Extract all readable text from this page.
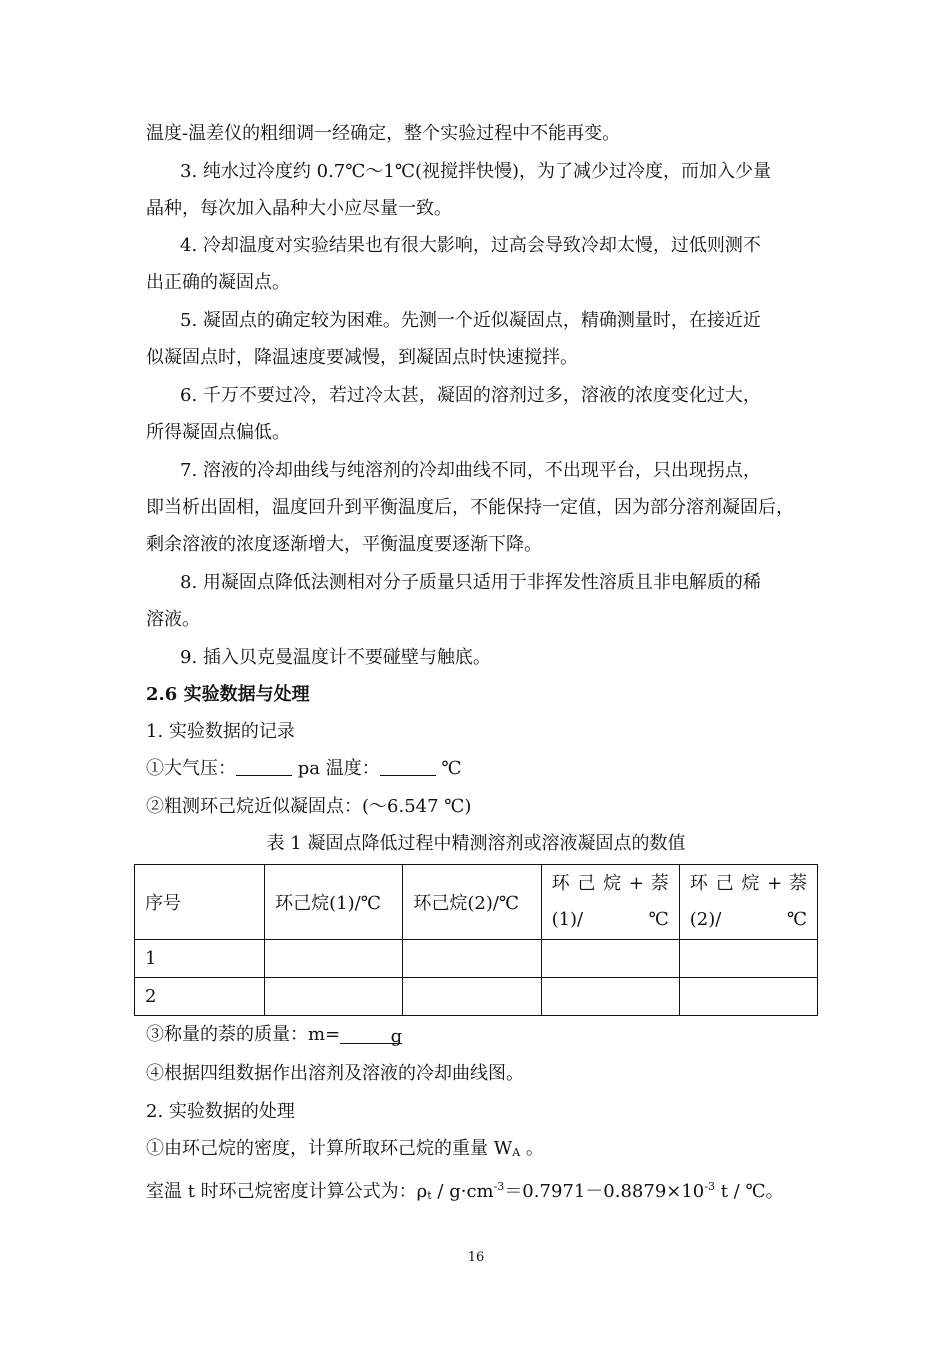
温度-温差仪的粗细调一经确定，整个实验过程中不能再变。
3. 纯水过冷度约 0.7℃～1℃(视搅拌快慢)，为了减少过冷度，而加入少量
晶种，每次加入晶种大小应尽量一致。
4. 冷却温度对实验结果也有很大影响，过高会导致冷却太慢，过低则测不
出正确的凝固点。
5. 凝固点的确定较为困难。先测一个近似凝固点，精确测量时，在接近近
似凝固点时，降温速度要减慢，到凝固点时快速搅拌。
6. 千万不要过冷，若过冷太甚，凝固的溶剂过多，溶液的浓度变化过大，
所得凝固点偏低。
7. 溶液的冷却曲线与纯溶剂的冷却曲线不同，不出现平台，只出现拐点，
即当析出固相，温度回升到平衡温度后，不能保持一定值，因为部分溶剂凝固后，
剩余溶液的浓度逐渐增大，平衡温度要逐渐下降。
8. 用凝固点降低法测相对分子质量只适用于非挥发性溶质且非电解质的稀
溶液。
9. 插入贝克曼温度计不要碰壁与触底。
2.6 实验数据与处理
1. 实验数据的记录
①大气压：	pa 温度：	℃
②粗测环己烷近似凝固点：(～6.547 ℃)
表 1 凝固点降低过程中精测溶剂或溶液凝固点的数值
序号	环己烷(1)/℃	环己烷(2)/℃	环 己 烷 + 萘 (1)/℃	环 己 烷 + 萘 (2)/℃
1				
2				
③称量的萘的质量：m=	g
④根据四组数据作出溶剂及溶液的冷却曲线图。
2. 实验数据的处理
①由环己烷的密度，计算所取环己烷的重量 WA 。
室温 t 时环己烷密度计算公式为：$\rho t / g\cdot cm^{-3}=0.7971-0.8879\times 10^{-3}$ t / ℃。
16
